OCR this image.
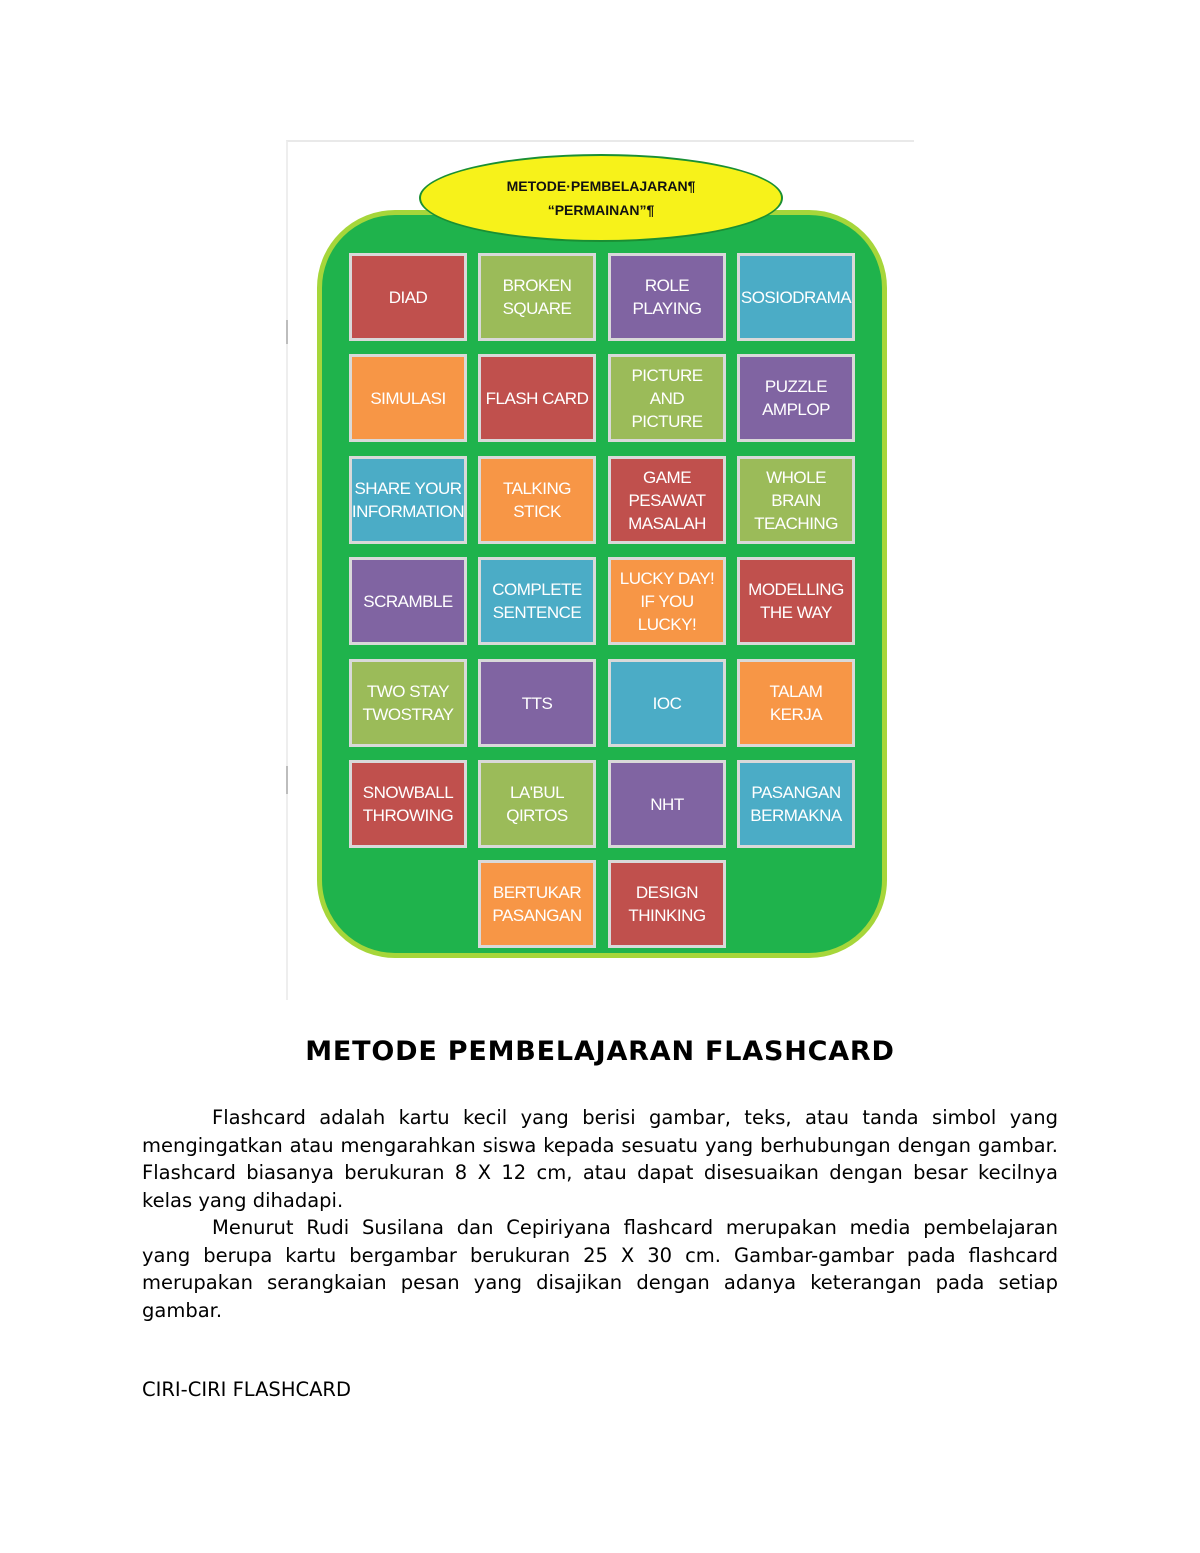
METODE·PEMBELAJARAN¶
“PERMAINAN”¶
DIAD
BROKEN SQUARE
ROLE PLAYING
SOSIODRAMA
SIMULASI	FLASH CARD
PICTURE AND PICTURE
PUZZLE AMPLOP
SHARE YOUR INFORMATION
TALKING STICK
GAME PESAWAT MASALAH
WHOLE BRAIN TEACHING
SCRAMBLE
COMPLETE SENTENCE
LUCKY DAY! IF YOU LUCKY!
MODELLING THE WAY
TWO STAY TWOSTRAY
TTS	IOC
TALAM KERJA
SNOWBALL THROWING
LA'BUL QIRTOS
NHT
PASANGAN BERMAKNA
BERTUKAR PASANGAN
DESIGN THINKING
METODE PEMBELAJARAN FLASHCARD

Flashcard adalah kartu kecil yang berisi gambar, teks, atau tanda simbol yang mengingatkan atau mengarahkan siswa kepada sesuatu yang berhubungan dengan gambar. Flashcard biasanya berukuran 8 X 12 cm, atau dapat disesuaikan dengan besar kecilnya kelas yang dihadapi.

Menurut Rudi Susilana dan Cepiriyana flashcard merupakan media pembelajaran yang berupa kartu bergambar berukuran 25 X 30 cm. Gambar-gambar pada flashcard merupakan serangkaian pesan yang disajikan dengan adanya keterangan pada setiap gambar.

CIRI-CIRI FLASHCARD
